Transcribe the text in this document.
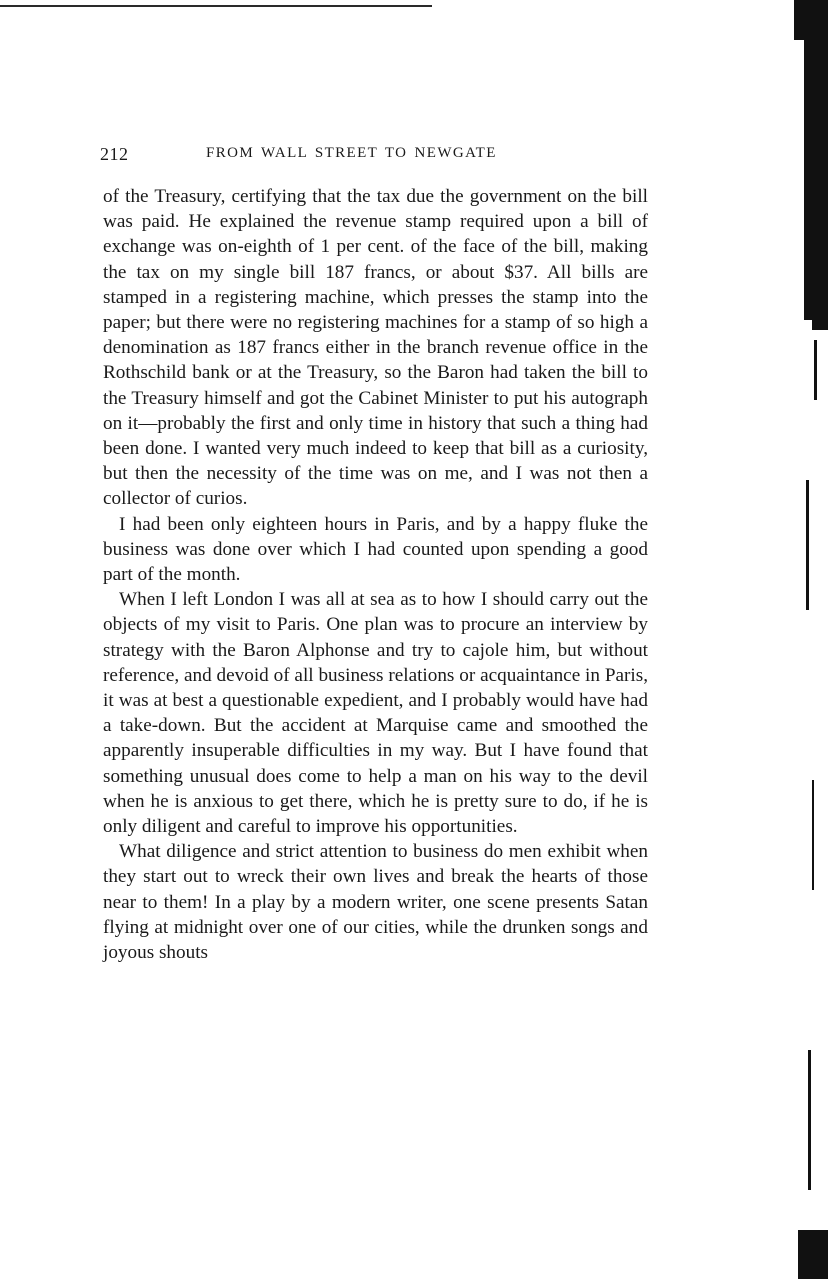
212	FROM WALL STREET TO NEWGATE

of the Treasury, certifying that the tax due the government on the bill was paid. He explained the revenue stamp required upon a bill of exchange was on-eighth of 1 per cent. of the face of the bill, making the tax on my single bill 187 francs, or about $37. All bills are stamped in a registering machine, which presses the stamp into the paper; but there were no registering machines for a stamp of so high a denomination as 187 francs either in the branch revenue office in the Rothschild bank or at the Treasury, so the Baron had taken the bill to the Treasury himself and got the Cabinet Minister to put his autograph on it—probably the first and only time in history that such a thing had been done. I wanted very much indeed to keep that bill as a curiosity, but then the necessity of the time was on me, and I was not then a collector of curios.

I had been only eighteen hours in Paris, and by a happy fluke the business was done over which I had counted upon spending a good part of the month.

When I left London I was all at sea as to how I should carry out the objects of my visit to Paris. One plan was to procure an interview by strategy with the Baron Alphonse and try to cajole him, but without reference, and devoid of all business relations or acquaintance in Paris, it was at best a questionable expedient, and I probably would have had a take-down. But the accident at Marquise came and smoothed the apparently insuperable difficulties in my way. But I have found that something unusual does come to help a man on his way to the devil when he is anxious to get there, which he is pretty sure to do, if he is only diligent and careful to improve his opportunities.

What diligence and strict attention to business do men exhibit when they start out to wreck their own lives and break the hearts of those near to them! In a play by a modern writer, one scene presents Satan flying at midnight over one of our cities, while the drunken songs and joyous shouts
